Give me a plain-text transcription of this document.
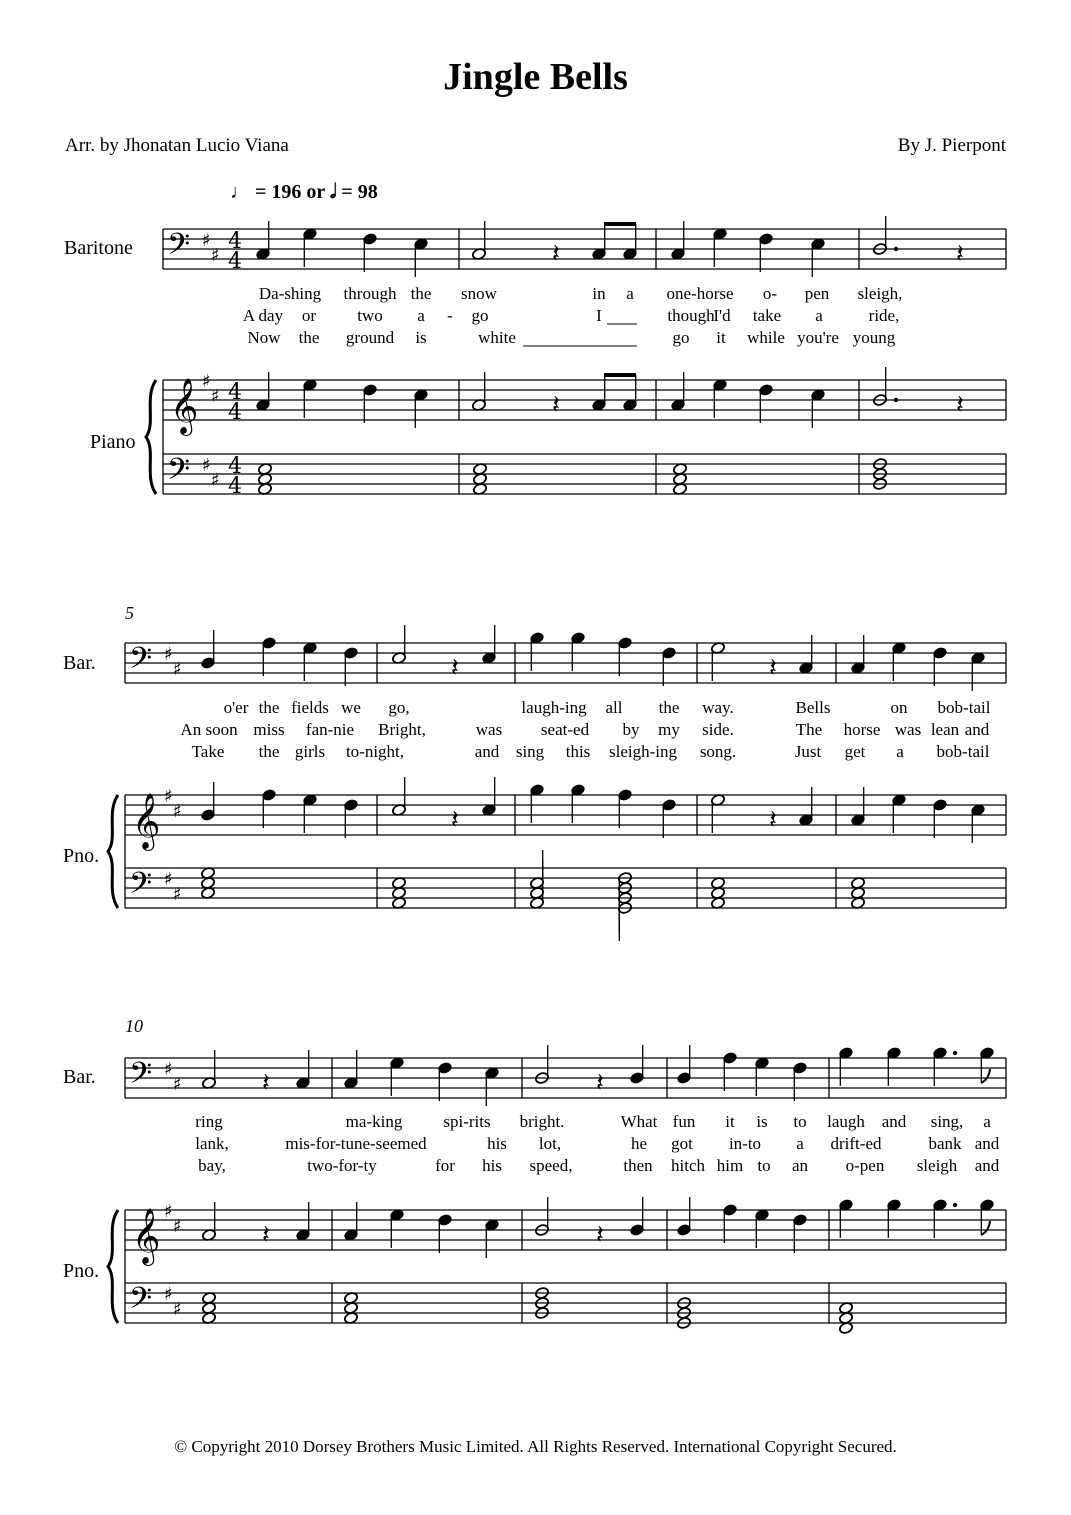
𝄢 ♯
♯
4
4
𝄞 ♯
♯ 4
4
𝄢 ♯
♯
4
4
𝄽	𝄽
𝄽	𝄽
𝄢 ♯
♯
𝄞 ♯
♯
𝄢 ♯
♯
𝄽	𝄽
𝄽	𝄽
𝄢 ♯
♯
𝄞 ♯
♯
𝄢 ♯
♯
𝄽	𝄽
𝄽	𝄽
Jingle Bells
Arr. by Jhonatan Lucio Viana	By J. Pierpont
♩ = 196 or 𝅗𝅥 = 98
Baritone
Piano
5
Bar.
Pno.
10
Bar.
Pno.
Da-shing through the snow	in a one-horse o- pen sleigh,
A day or two a - go	I	though
I'd take a	ride,
Now the ground is	white	go it while you're young
o'er the fields we go,	laugh-ing all the way.	Bells	on bob-tail
An soon miss fan-nie Bright,	was seat-ed by my side.	The horse was lean and
Take the girls to-night,	and sing this sleigh-ing song.	Just get a bob-tail
ring	ma-king spi-rits bright.	What fun it is to laugh and sing, a
lank,	mis-for-tune-seemed	his lot,	he got in-to a drift-ed	bank and
bay,	two-for-ty	for his speed,	then hitch him to an o-pen sleigh and
© Copyright 2010 Dorsey Brothers Music Limited. All Rights Reserved. International Copyright Secured.
